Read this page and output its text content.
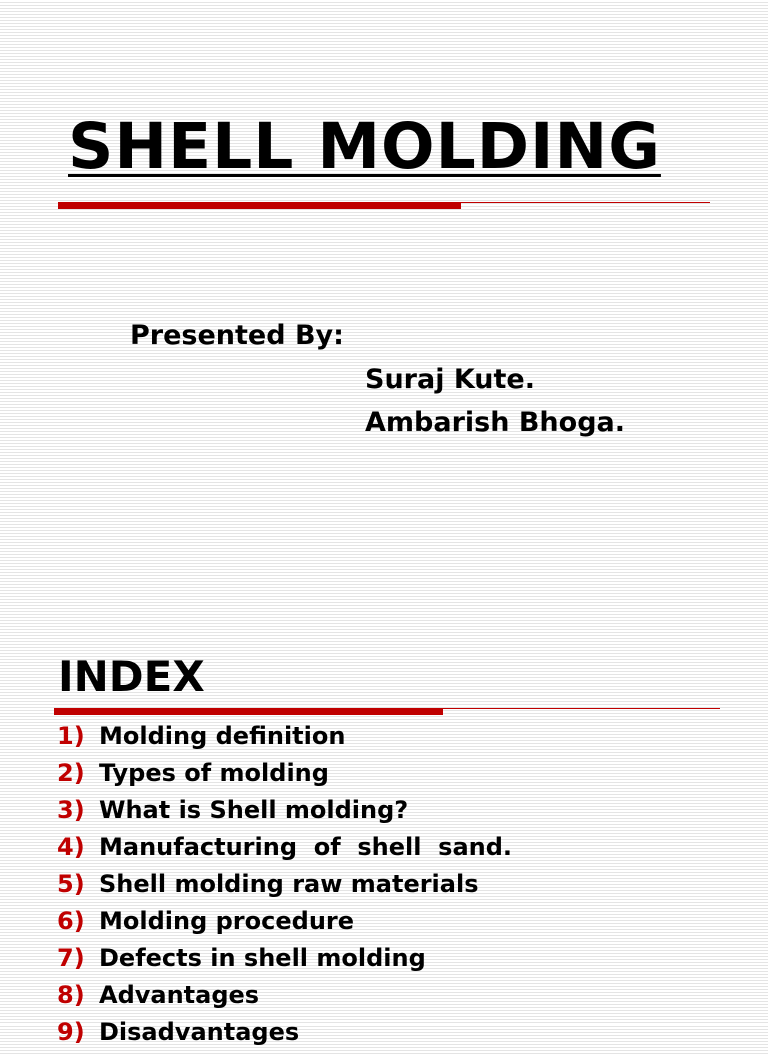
SHELL MOLDING
Presented By:
Suraj Kute.
Ambarish Bhoga.
INDEX
1) Molding definition
2) Types of molding
3) What is Shell molding?
4) Manufacturing  of  shell  sand.
5) Shell molding raw materials
6) Molding procedure
7) Defects in shell molding
8) Advantages
9) Disadvantages
